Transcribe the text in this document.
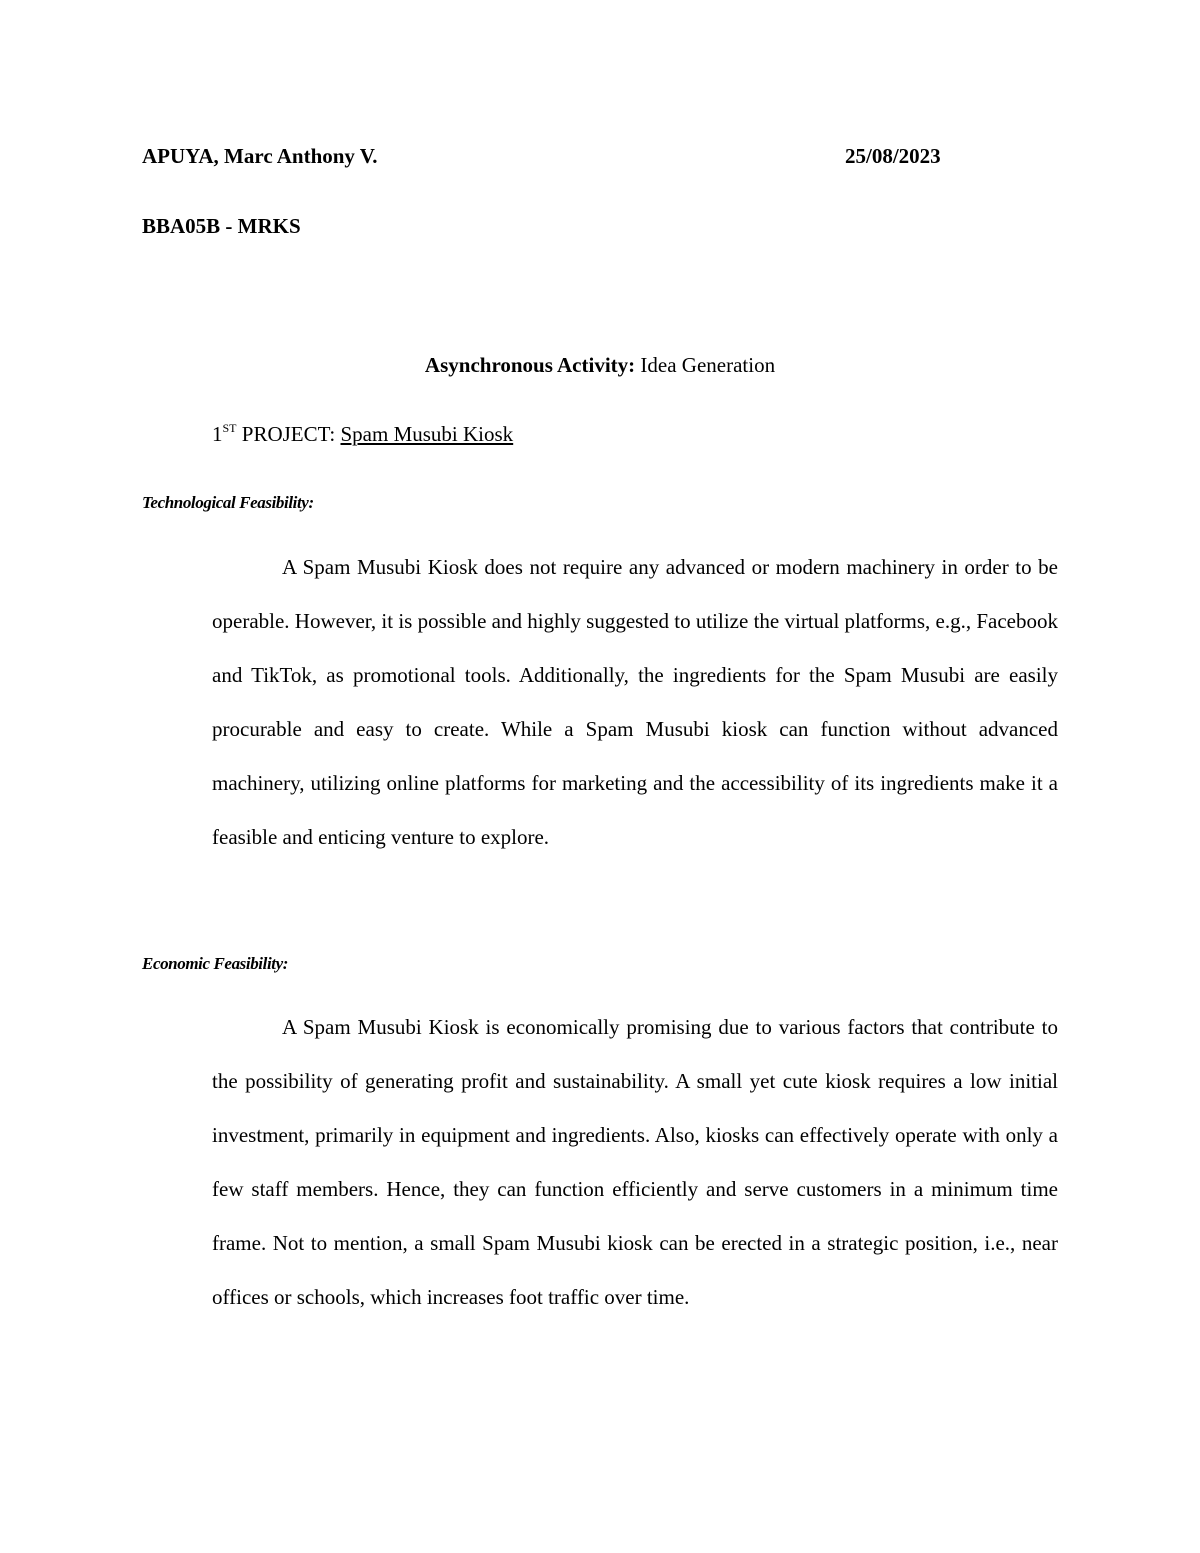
APUYA, Marc Anthony V.	25/08/2023
BBA05B - MRKS
Asynchronous Activity: Idea Generation
1ST PROJECT: Spam Musubi Kiosk
Technological Feasibility:

A Spam Musubi Kiosk does not require any advanced or modern machinery in order to be operable. However, it is possible and highly suggested to utilize the virtual platforms, e.g., Facebook and TikTok, as promotional tools. Additionally, the ingredients for the Spam Musubi are easily procurable and easy to create. While a Spam Musubi kiosk can function without advanced machinery, utilizing online platforms for marketing and the accessibility of its ingredients make it a feasible and enticing venture to explore.

Economic Feasibility:

A Spam Musubi Kiosk is economically promising due to various factors that contribute to the possibility of generating profit and sustainability. A small yet cute kiosk requires a low initial investment, primarily in equipment and ingredients. Also, kiosks can effectively operate with only a few staff members. Hence, they can function efficiently and serve customers in a minimum time frame. Not to mention, a small Spam Musubi kiosk can be erected in a strategic position, i.e., near offices or schools, which increases foot traffic over time.
